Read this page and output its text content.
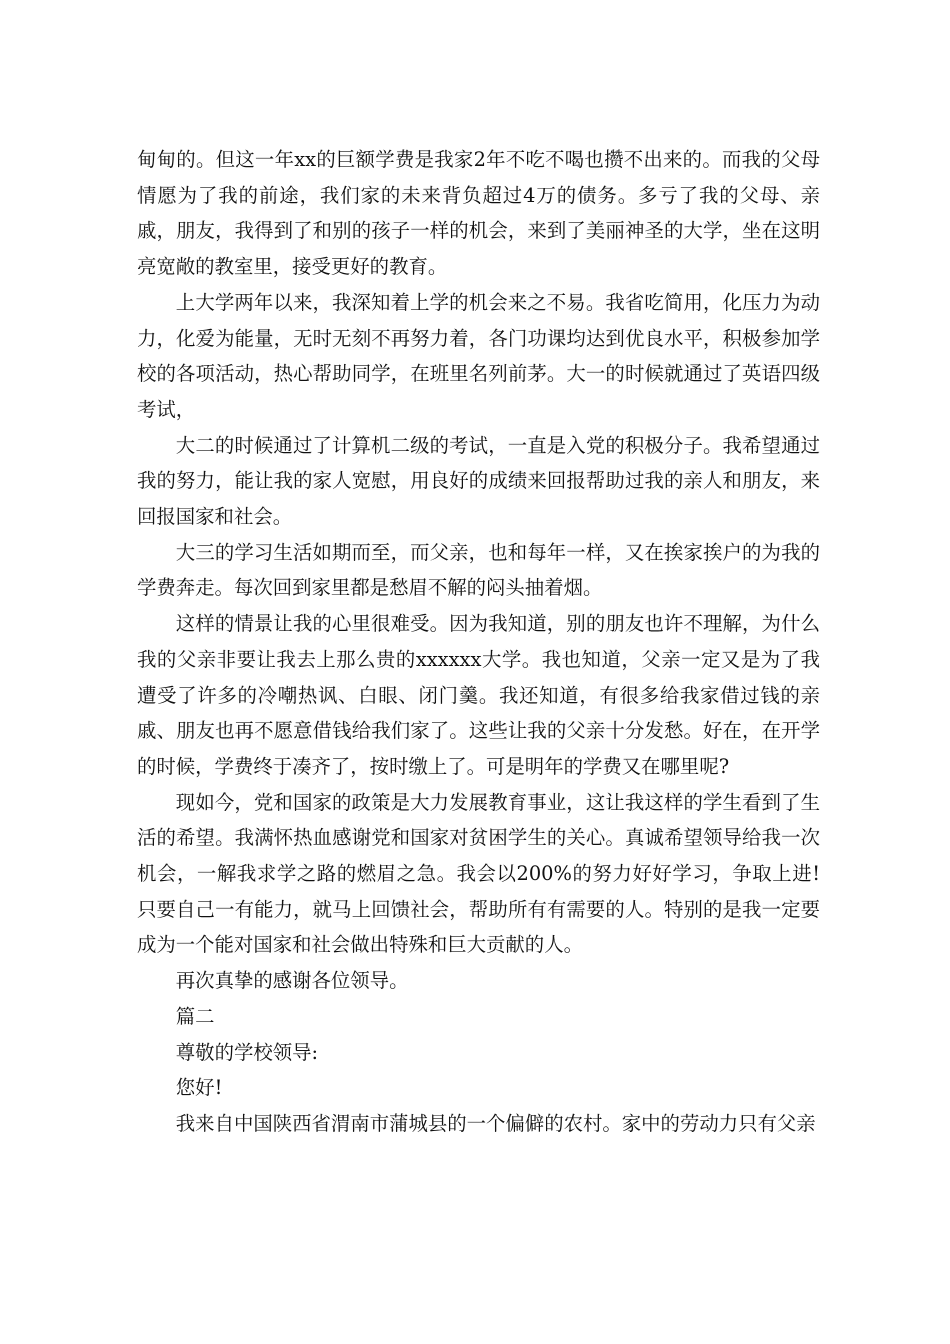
甸甸的。但这一年xx的巨额学费是我家2年不吃不喝也攒不出来的。而我的父母情愿为了我的前途，我们家的未来背负超过4万的债务。多亏了我的父母、亲戚，朋友，我得到了和别的孩子一样的机会，来到了美丽神圣的大学，坐在这明亮宽敞的教室里，接受更好的教育。

上大学两年以来，我深知着上学的机会来之不易。我省吃简用，化压力为动力，化爱为能量，无时无刻不再努力着，各门功课均达到优良水平，积极参加学校的各项活动，热心帮助同学，在班里名列前茅。大一的时候就通过了英语四级考试，

大二的时候通过了计算机二级的考试，一直是入党的积极分子。我希望通过我的努力，能让我的家人宽慰，用良好的成绩来回报帮助过我的亲人和朋友，来回报国家和社会。

大三的学习生活如期而至，而父亲，也和每年一样，又在挨家挨户的为我的学费奔走。每次回到家里都是愁眉不解的闷头抽着烟。

这样的情景让我的心里很难受。因为我知道，别的朋友也许不理解，为什么我的父亲非要让我去上那么贵的xxxxxx大学。我也知道，父亲一定又是为了我遭受了许多的冷嘲热讽、白眼、闭门羹。我还知道，有很多给我家借过钱的亲戚、朋友也再不愿意借钱给我们家了。这些让我的父亲十分发愁。好在，在开学的时候，学费终于凑齐了，按时缴上了。可是明年的学费又在哪里呢?

现如今，党和国家的政策是大力发展教育事业，这让我这样的学生看到了生活的希望。我满怀热血感谢党和国家对贫困学生的关心。真诚希望领导给我一次机会，一解我求学之路的燃眉之急。我会以200%的努力好好学习，争取上进!只要自己一有能力，就马上回馈社会，帮助所有有需要的人。特别的是我一定要成为一个能对国家和社会做出特殊和巨大贡献的人。

再次真挚的感谢各位领导。

篇二

尊敬的学校领导:

您好!

我来自中国陕西省渭南市蒲城县的一个偏僻的农村。家中的劳动力只有父亲
